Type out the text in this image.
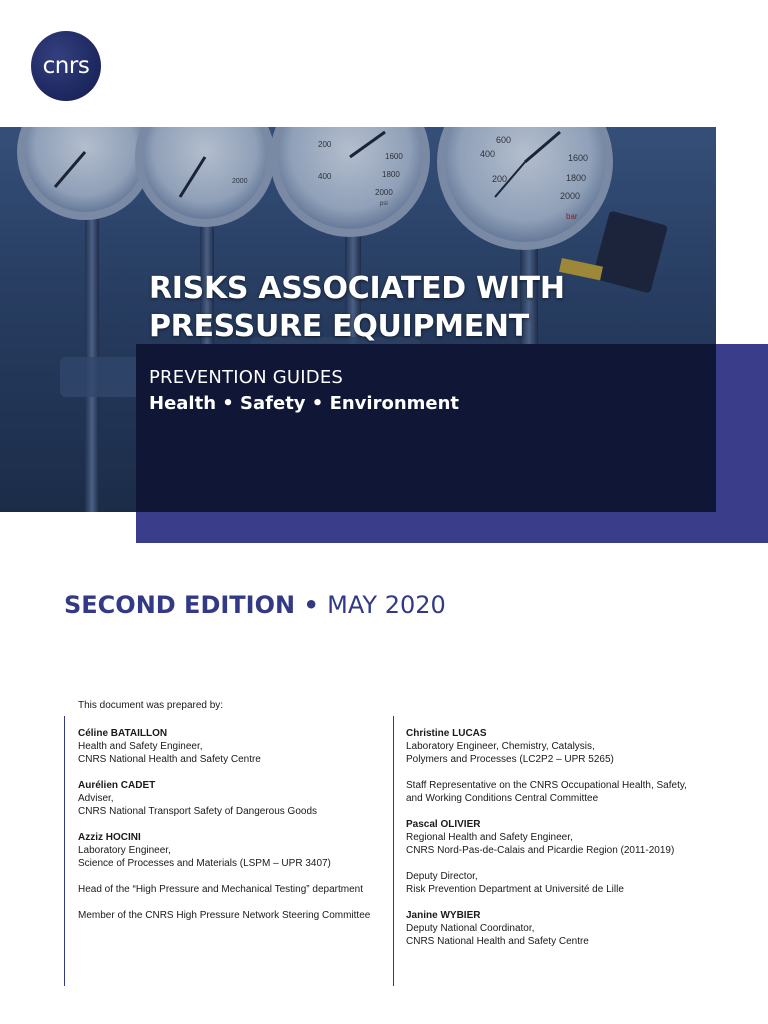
cnrs
2000
200
400
1600
1800
2000
psi
400
200
600
1600
1800
2000
bar
RISKS ASSOCIATED WITH
PRESSURE EQUIPMENT
PREVENTION GUIDES
Health • Safety • Environment
SECOND EDITION • MAY 2020
This document was prepared by:
Céline BATAILLON
Health and Safety Engineer,
CNRS National Health and Safety Centre
Aurélien CADET
Adviser,
CNRS National Transport Safety of Dangerous Goods
Azziz HOCINI
Laboratory Engineer,
Science of Processes and Materials (LSPM – UPR 3407)
Head of the “High Pressure and Mechanical Testing” department
Member of the CNRS High Pressure Network Steering Committee
Christine LUCAS
Laboratory Engineer, Chemistry, Catalysis,
Polymers and Processes (LC2P2 – UPR 5265)
Staff Representative on the CNRS Occupational Health, Safety,
and Working Conditions Central Committee
Pascal OLIVIER
Regional Health and Safety Engineer,
CNRS Nord-Pas-de-Calais and Picardie Region (2011-2019)
Deputy Director,
Risk Prevention Department at Université de Lille
Janine WYBIER
Deputy National Coordinator,
CNRS National Health and Safety Centre
